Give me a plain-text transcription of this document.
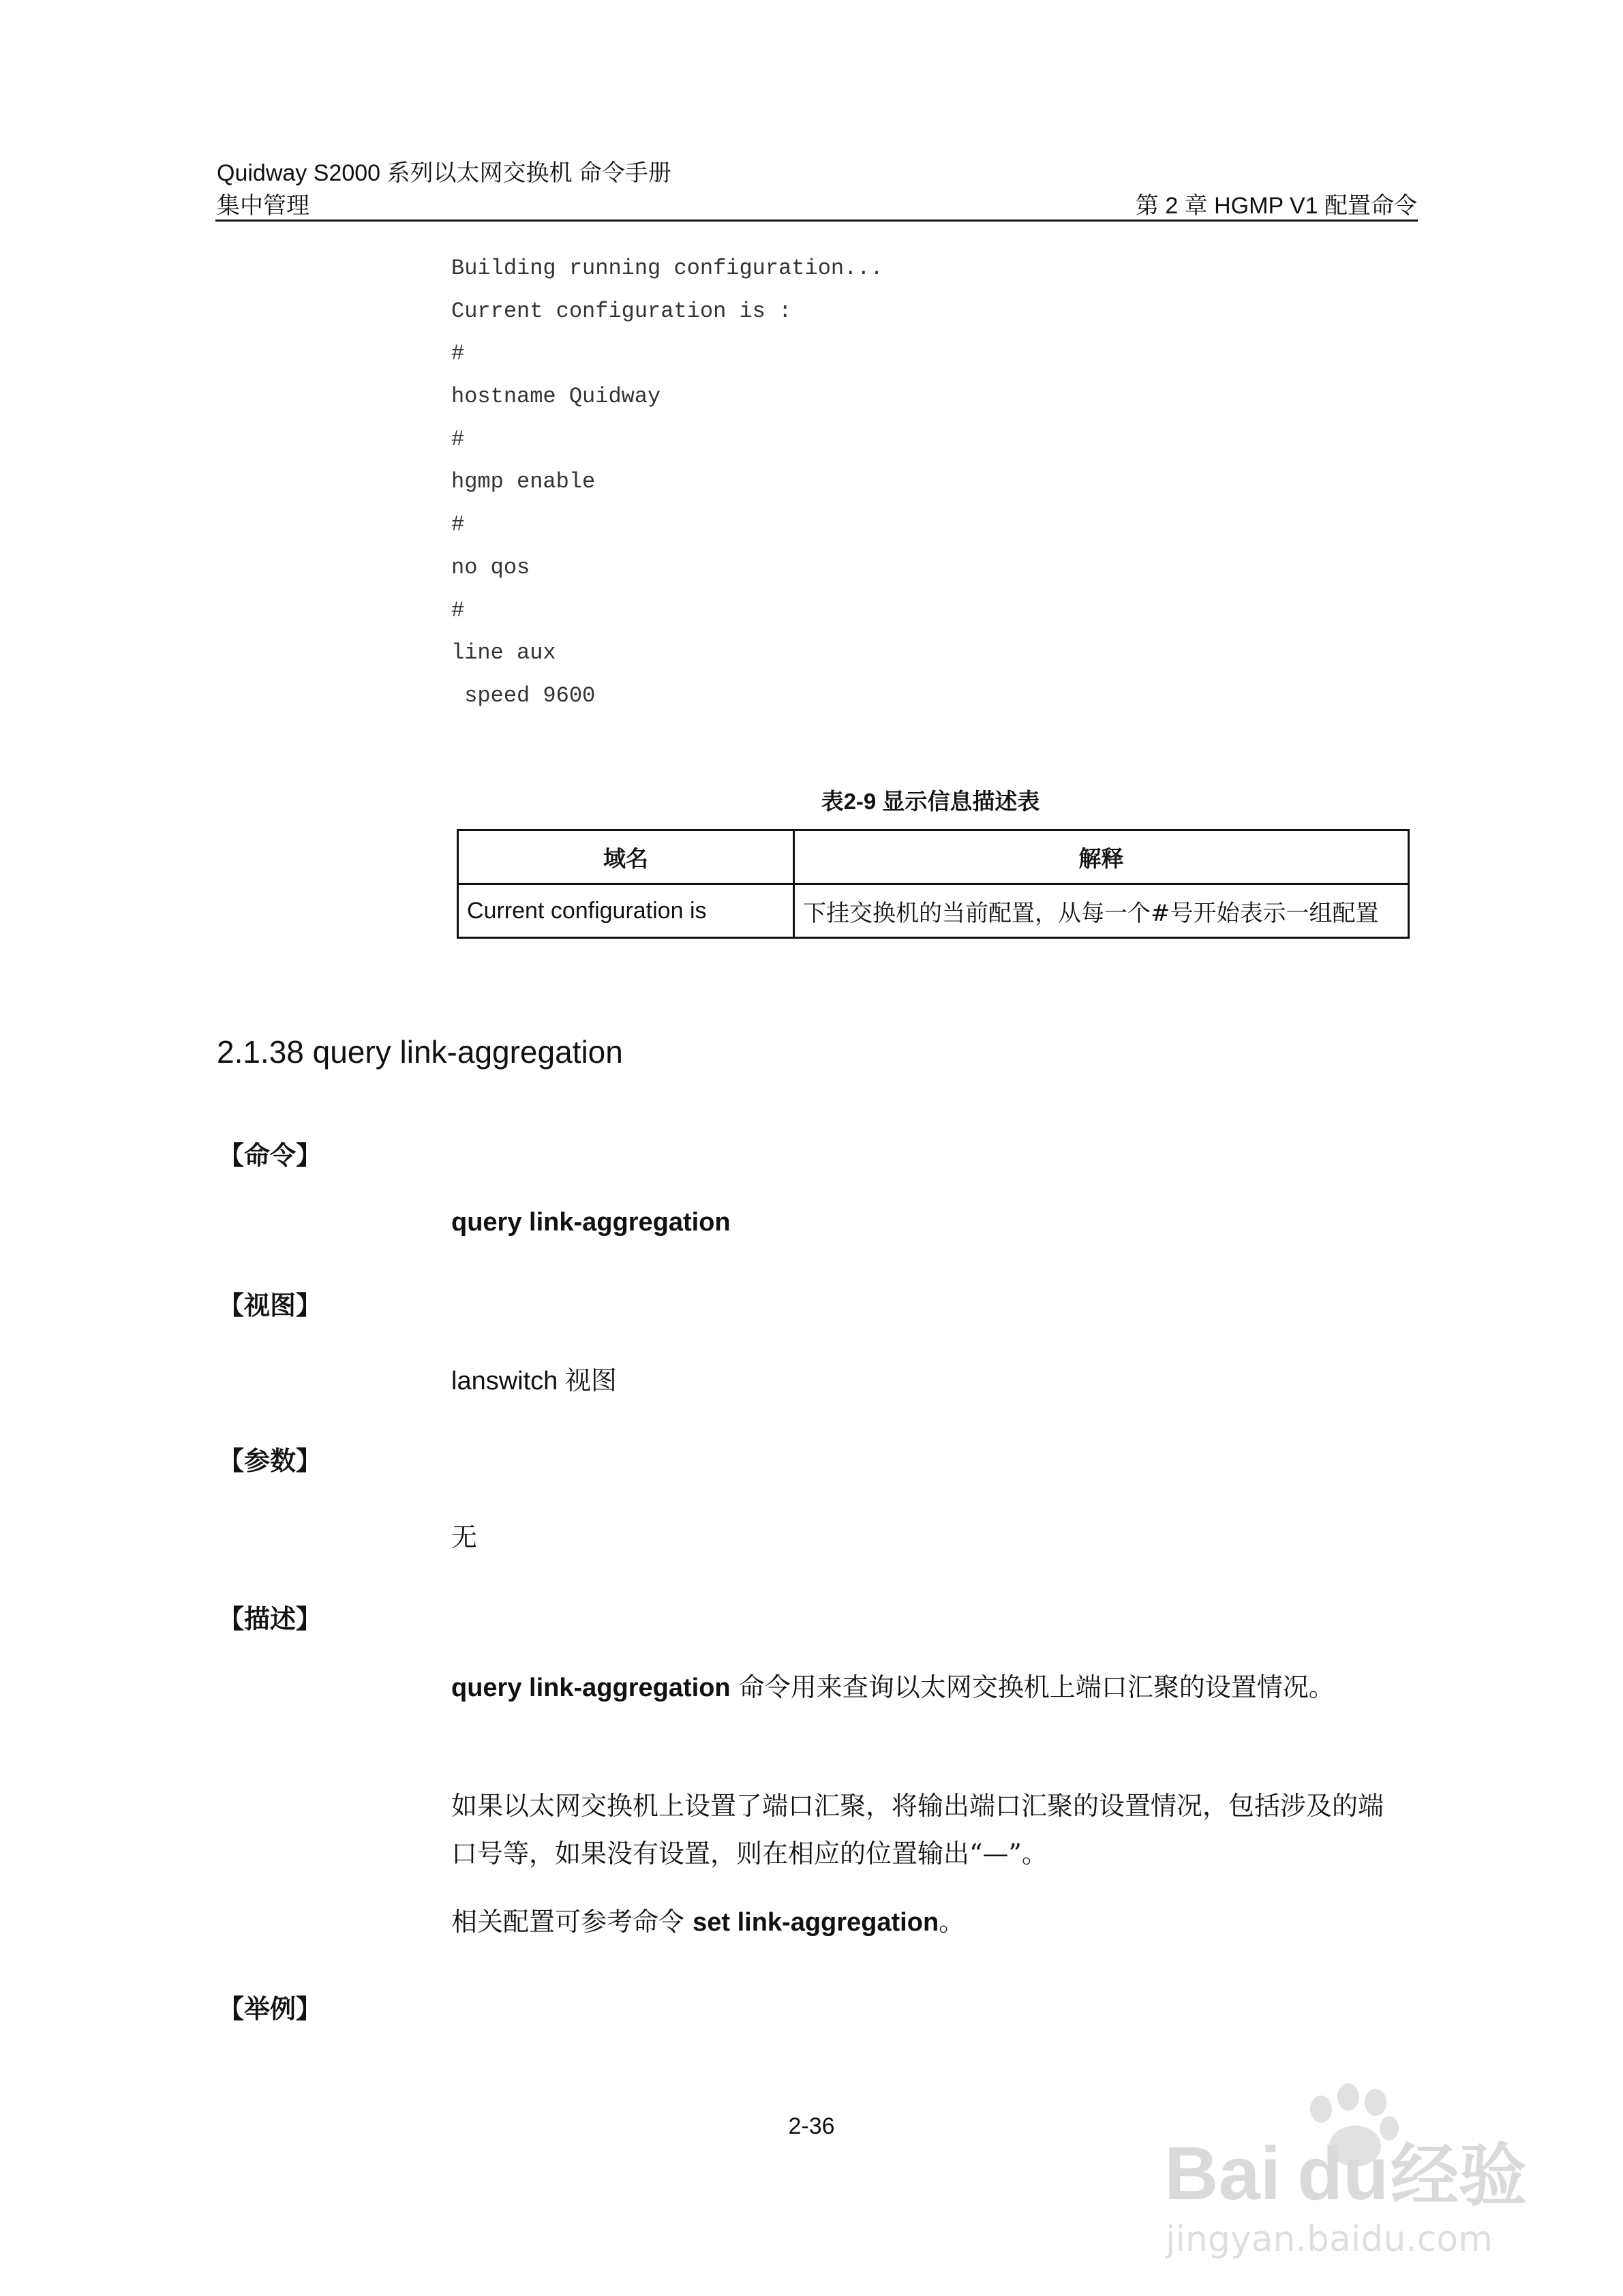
Quidway S2000 系列以太网交换机 命令手册
集中管理	第 2 章 HGMP V1 配置命令
Building running configuration...
Current configuration is :
#
hostname Quidway
#
hgmp enable
#
no qos
#
line aux
speed 9600
表2-9 显示信息描述表
域名	解释
Current configuration is	下挂交换机的当前配置，从每一个#号开始表示一组配置
2.1.38 query link-aggregation
【命令】
query link-aggregation
【视图】
lanswitch 视图
【参数】
无
【描述】
query link-aggregation 命令用来查询以太网交换机上端口汇聚的设置情况。
如果以太网交换机上设置了端口汇聚，将输出端口汇聚的设置情况，包括涉及的端口号等，如果没有设置，则在相应的位置输出“—”。
相关配置可参考命令 set link-aggregation。
【举例】
2-36
Bai du 经验
jingyan.baidu.com
